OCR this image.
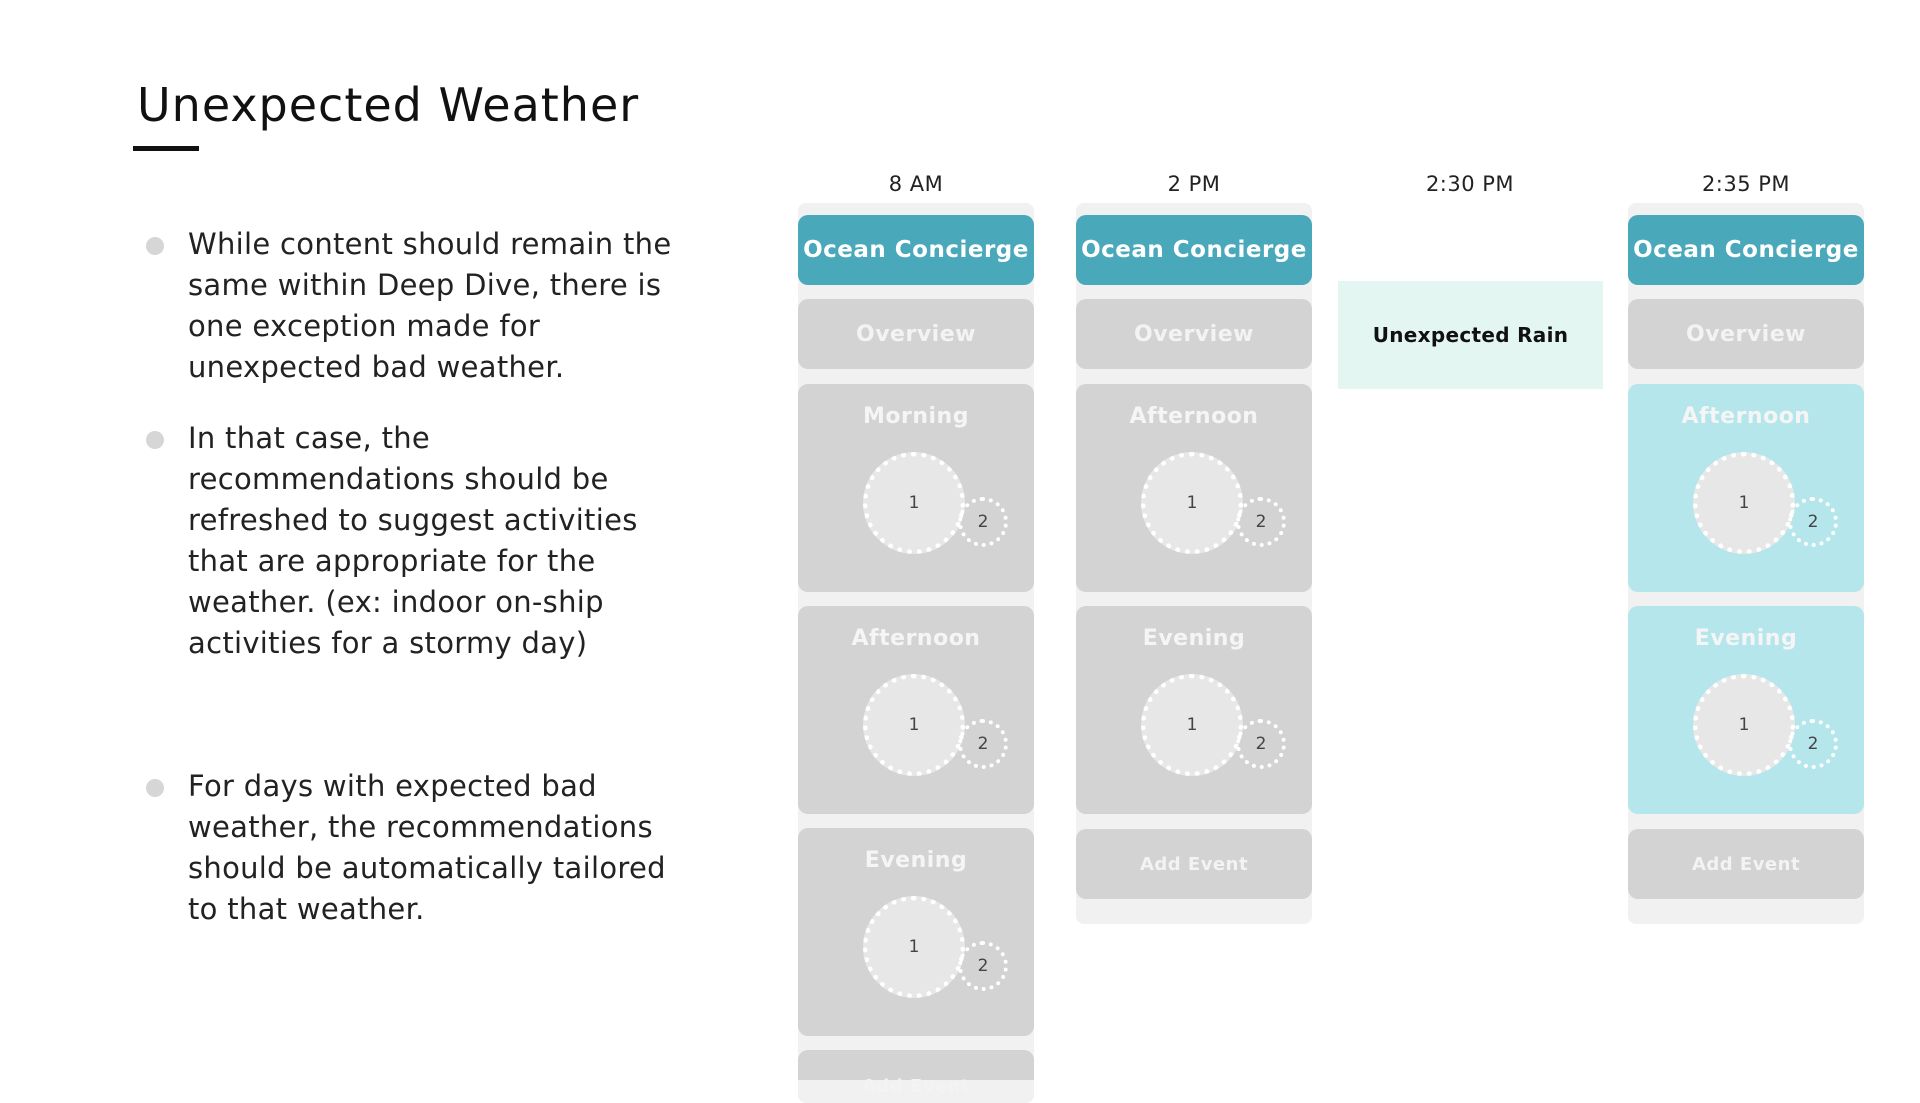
Unexpected Weather
While content should remain the same within Deep Dive, there is one exception made for unexpected bad weather.
In that case, the recommendations should be refreshed to suggest activities that are appropriate for the weather. (ex: indoor on-ship activities for a stormy day)
For days with expected bad weather, the recommendations should be automatically tailored to that weather.
8 AM
Ocean Concierge
Overview
Morning
1
2
Afternoon
1
2
Evening
1
2
2 PM
Ocean Concierge
Overview
Afternoon
1
2
Evening
1
2
Add Event
2:30 PM
Unexpected Rain
2:35 PM
Ocean Concierge
Overview
Afternoon
1
2
Evening
1
2
Add Event
